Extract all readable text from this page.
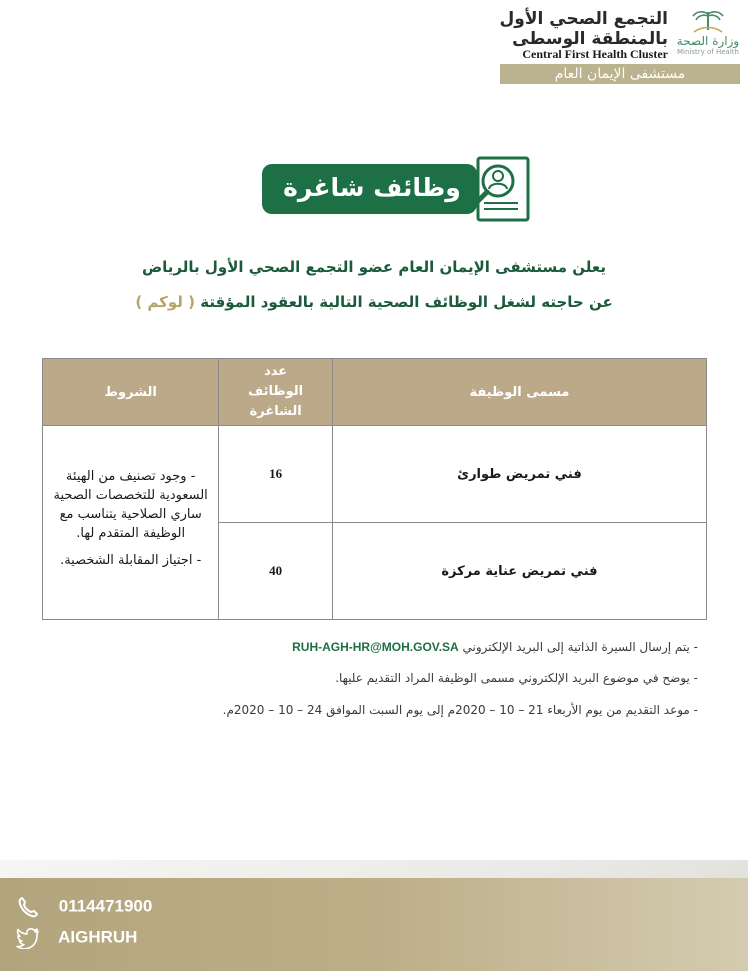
وزارة الصحة
Ministry of Health
التجمع الصحي الأول
بالمنطقة الوسطى
Central First Health Cluster
مستشفى الإيمان العام
وظائف شاغرة
يعلن مستشفى الإيمان العام عضو التجمع الصحي الأول بالرياض
عن حاجته لشغل الوظائف الصحية التالية بالعقود المؤقتة ( لوكم )
مسمى الوظيفة	عدد الوظائف الشاغرة	الشروط
فني تمريض طوارئ	16	- وجود تصنيف من الهيئة السعودية للتخصصات الصحية ساري الصلاحية يتناسب مع الوظيفة المتقدم لها.

- اجتياز المقابلة الشخصية.

فني تمريض عناية مركزة	40	
- يتم إرسال السيرة الذاتية إلى البريد الإلكتروني RUH-AGH-HR@MOH.GOV.SA
- يوضح في موضوع البريد الإلكتروني مسمى الوظيفة المراد التقديم عليها.
- موعد التقديم من يوم الأربعاء 21 – 10 – 2020م إلى يوم السبت الموافق 24 – 10 – 2020م.
0114471900
AIGHRUH
